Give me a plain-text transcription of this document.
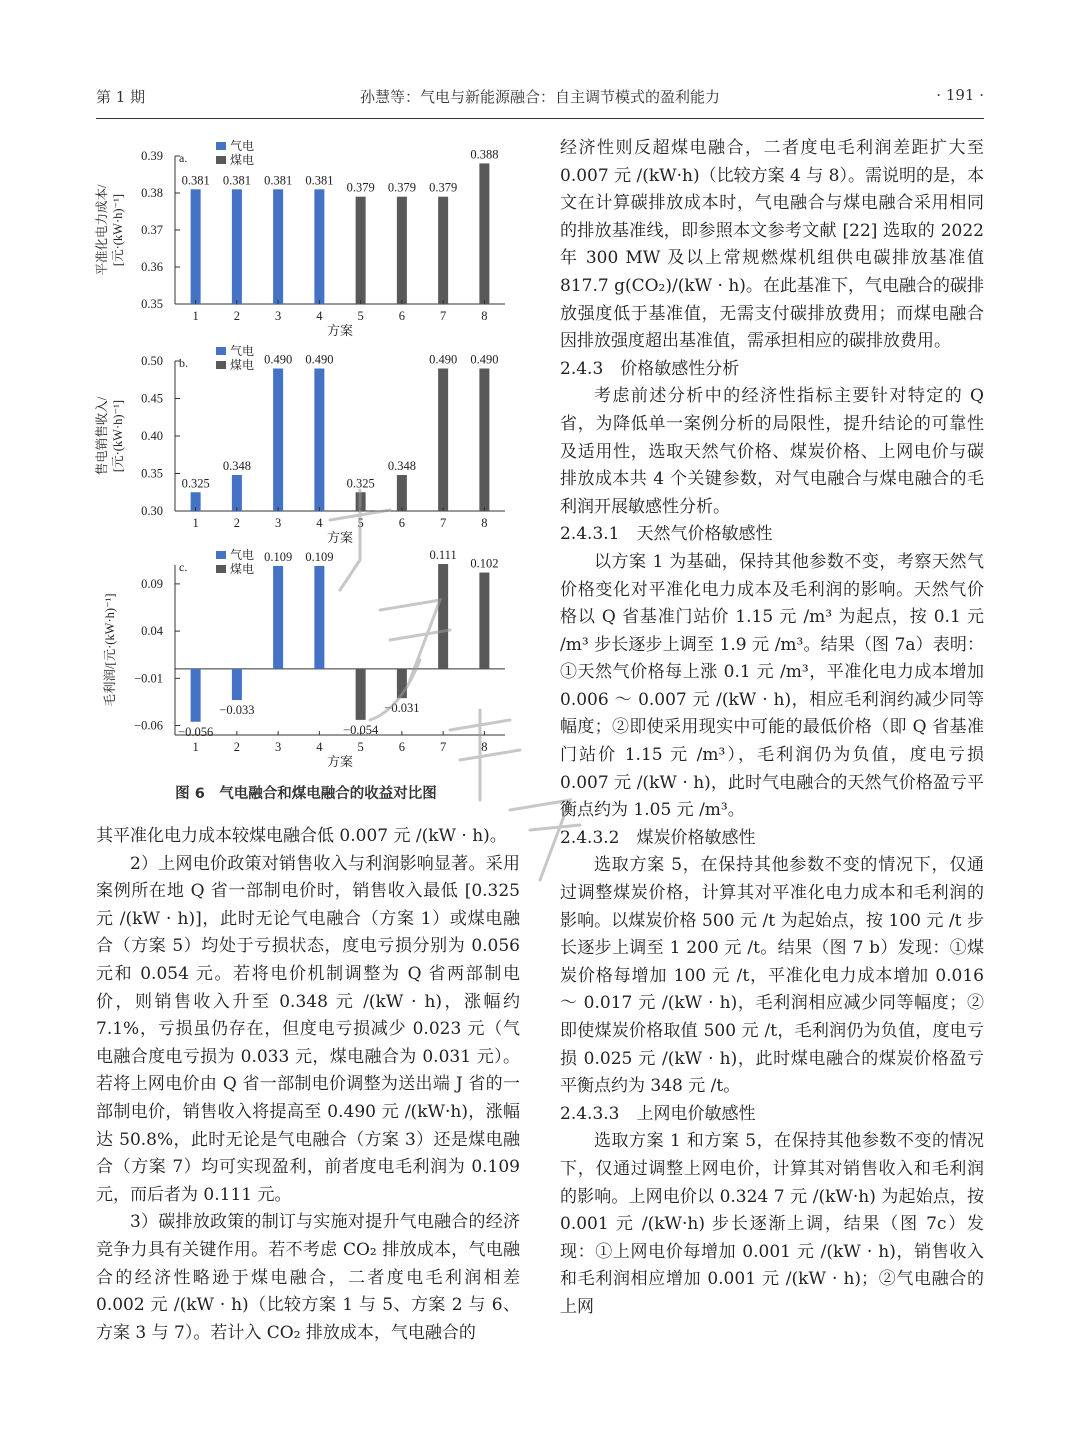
第 1 期	孙慧等：气电与新能源融合：自主调节模式的盈利能力	· 191 ·
0.35
0.36
0.37
0.38
0.39 a.
气电
煤电
0.381 0.381 0.381 0.381
0.379 0.379 0.379
0.388
1	2	3	4	5	6	7	8
方案
平准化电力成本/ [元·(kW·h)⁻¹]
0.30
0.35
0.40
0.45
0.50 b.
气电
煤电
0.325
0.348
0.490 0.490
0.325
0.348
0.490 0.490
1	2	3	4	5	6	7	8
方案
售电销售收入/ [元·(kW·h)⁻¹]
−0.06
−0.01
0.04
0.09
c.
气电
煤电
−0.056
−0.033
0.109 0.109
−0.054
−0.031
0.111
0.102
1	2	3	4	5	6	7	8
方案
毛利润/[元·(kW·h)⁻¹]
图 6　气电融合和煤电融合的收益对比图

其平准化电力成本较煤电融合低 0.007 元 /(kW · h)。

2）上网电价政策对销售收入与利润影响显著。采用案例所在地 Q 省一部制电价时，销售收入最低 [0.325 元 /(kW · h)]，此时无论气电融合（方案 1）或煤电融合（方案 5）均处于亏损状态，度电亏损分别为 0.056 元和 0.054 元。若将电价机制调整为 Q 省两部制电价，则销售收入升至 0.348 元 /(kW · h)，涨幅约 7.1%，亏损虽仍存在，但度电亏损减少 0.023 元（气电融合度电亏损为 0.033 元，煤电融合为 0.031 元）。若将上网电价由 Q 省一部制电价调整为送出端 J 省的一部制电价，销售收入将提高至 0.490 元 /(kW·h)，涨幅达 50.8%，此时无论是气电融合（方案 3）还是煤电融合（方案 7）均可实现盈利，前者度电毛利润为 0.109 元，而后者为 0.111 元。

3）碳排放政策的制订与实施对提升气电融合的经济竞争力具有关键作用。若不考虑 CO₂ 排放成本，气电融合的经济性略逊于煤电融合，二者度电毛利润相差 0.002 元 /(kW · h)（比较方案 1 与 5、方案 2 与 6、方案 3 与 7）。若计入 CO₂ 排放成本，气电融合的

经济性则反超煤电融合，二者度电毛利润差距扩大至 0.007 元 /(kW·h)（比较方案 4 与 8）。需说明的是，本文在计算碳排放成本时，气电融合与煤电融合采用相同的排放基准线，即参照本文参考文献 [22] 选取的 2022 年 300 MW 及以上常规燃煤机组供电碳排放基准值 817.7 g(CO₂)/(kW · h)。在此基准下，气电融合的碳排放强度低于基准值，无需支付碳排放费用；而煤电融合因排放强度超出基准值，需承担相应的碳排放费用。

2.4.3　价格敏感性分析

考虑前述分析中的经济性指标主要针对特定的 Q 省，为降低单一案例分析的局限性，提升结论的可靠性及适用性，选取天然气价格、煤炭价格、上网电价与碳排放成本共 4 个关键参数，对气电融合与煤电融合的毛利润开展敏感性分析。

2.4.3.1　天然气价格敏感性

以方案 1 为基础，保持其他参数不变，考察天然气价格变化对平准化电力成本及毛利润的影响。天然气价格以 Q 省基准门站价 1.15 元 /m³ 为起点，按 0.1 元 /m³ 步长逐步上调至 1.9 元 /m³。结果（图 7a）表明：①天然气价格每上涨 0.1 元 /m³，平准化电力成本增加 0.006 ～ 0.007 元 /(kW · h)，相应毛利润约减少同等幅度；②即使采用现实中可能的最低价格（即 Q 省基准门站价 1.15 元 /m³），毛利润仍为负值，度电亏损 0.007 元 /(kW · h)，此时气电融合的天然气价格盈亏平衡点约为 1.05 元 /m³。

2.4.3.2　煤炭价格敏感性

选取方案 5，在保持其他参数不变的情况下，仅通过调整煤炭价格，计算其对平准化电力成本和毛利润的影响。以煤炭价格 500 元 /t 为起始点，按 100 元 /t 步长逐步上调至 1 200 元 /t。结果（图 7 b）发现：①煤炭价格每增加 100 元 /t，平准化电力成本增加 0.016 ～ 0.017 元 /(kW · h)，毛利润相应减少同等幅度；②即使煤炭价格取值 500 元 /t，毛利润仍为负值，度电亏损 0.025 元 /(kW · h)，此时煤电融合的煤炭价格盈亏平衡点约为 348 元 /t。

2.4.3.3　上网电价敏感性

选取方案 1 和方案 5，在保持其他参数不变的情况下，仅通过调整上网电价，计算其对销售收入和毛利润的影响。上网电价以 0.324 7 元 /(kW·h) 为起始点，按 0.001 元 /(kW·h) 步长逐渐上调，结果（图 7c）发现：①上网电价每增加 0.001 元 /(kW · h)，销售收入和毛利润相应增加 0.001 元 /(kW · h)；②气电融合的上网
